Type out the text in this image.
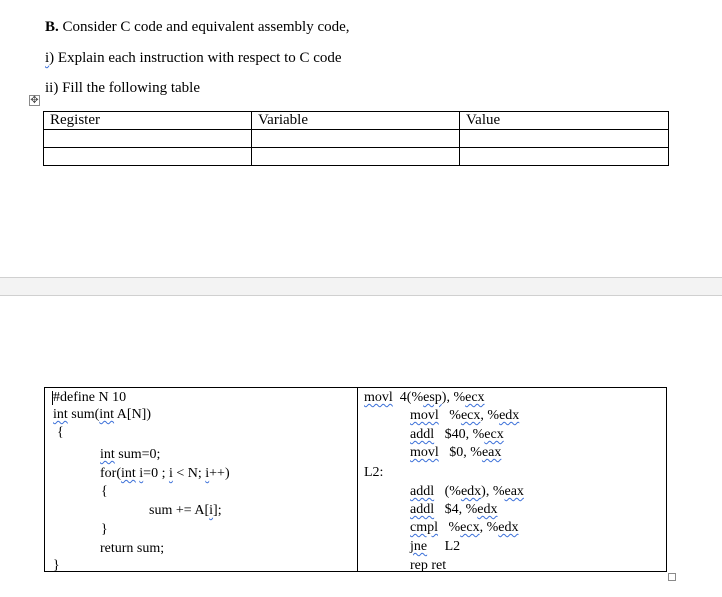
B. Consider C code and equivalent assembly code,
i) Explain each instruction with respect to C code
ii) Fill the following table
✥
Register	Variable	Value

#define N 10
int sum(int A[N])
{
int sum=0;
for(int i=0 ; i < N; i++)
{
sum += A[i];
}
return sum;
}
movl 4(%esp), %ecx
movl %ecx, %edx
addl $40, %ecx
movl $0, %eax
L2:
addl (%edx), %eax
addl $4, %edx
cmpl %ecx, %edx
jne L2
rep ret
